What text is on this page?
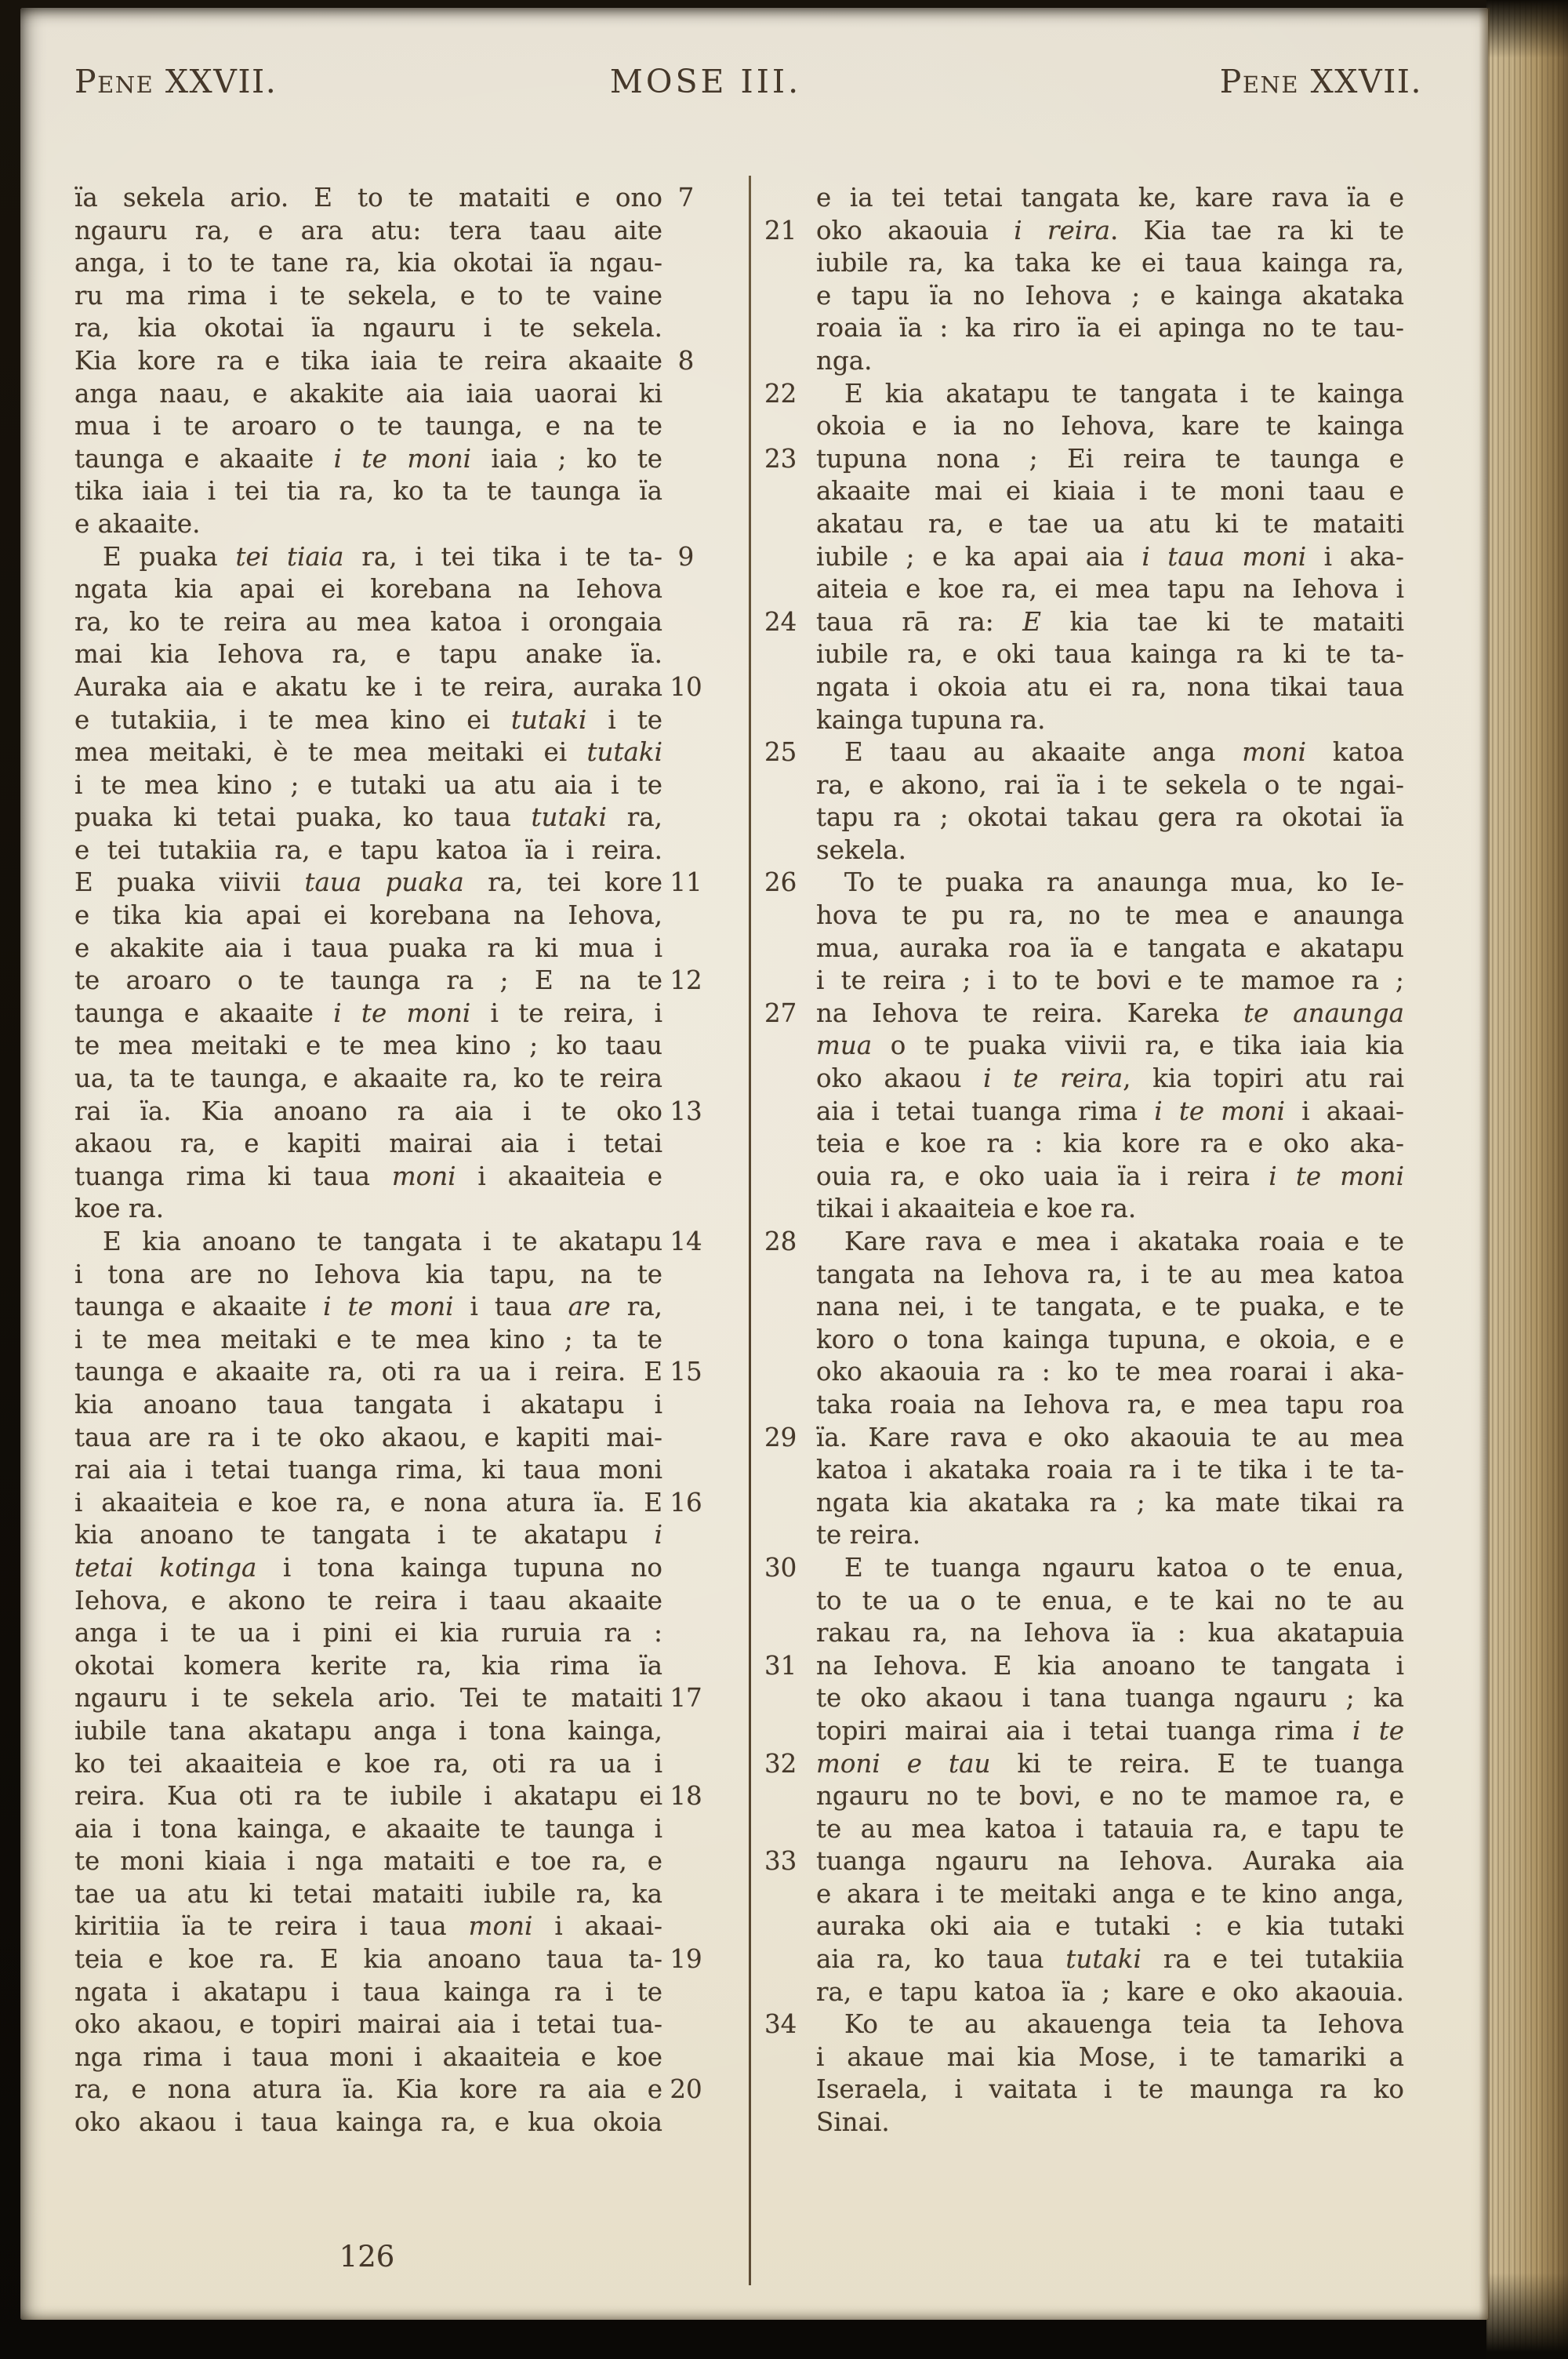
Pene XXVII.	MOSE III.	Pene XXVII.
ïa sekela ario. E to te mataiti e ono 7
ngauru ra, e ara atu: tera taau aite
anga, i to te tane ra, kia okotai ïa ngau-
ru ma rima i te sekela, e to te vaine
ra, kia okotai ïa ngauru i te sekela.
Kia kore ra e tika iaia te reira akaaite 8
anga naau, e akakite aia iaia uaorai ki
mua i te aroaro o te taunga, e na te
taunga e akaaite i te moni iaia ; ko te
tika iaia i tei tia ra, ko ta te taunga ïa
e akaaite.
E puaka tei tiaia ra, i tei tika i te ta- 9
ngata kia apai ei korebana na Iehova
ra, ko te reira au mea katoa i orongaia
mai kia Iehova ra, e tapu anake ïa.
Auraka aia e akatu ke i te reira, auraka 10
e tutakiia, i te mea kino ei tutaki i te
mea meitaki, è te mea meitaki ei tutaki
i te mea kino ; e tutaki ua atu aia i te
puaka ki tetai puaka, ko taua tutaki ra,
e tei tutakiia ra, e tapu katoa ïa i reira.
E puaka viivii taua puaka ra, tei kore 11
e tika kia apai ei korebana na Iehova,
e akakite aia i taua puaka ra ki mua i
te aroaro o te taunga ra ; E na te 12
taunga e akaaite i te moni i te reira, i
te mea meitaki e te mea kino ; ko taau
ua, ta te taunga, e akaaite ra, ko te reira
rai ïa. Kia anoano ra aia i te oko 13
akaou ra, e kapiti mairai aia i tetai
tuanga rima ki taua moni i akaaiteia e
koe ra.
E kia anoano te tangata i te akatapu 14
i tona are no Iehova kia tapu, na te
taunga e akaaite i te moni i taua are ra,
i te mea meitaki e te mea kino ; ta te
taunga e akaaite ra, oti ra ua i reira. E 15
kia anoano taua tangata i akatapu i
taua are ra i te oko akaou, e kapiti mai-
rai aia i tetai tuanga rima, ki taua moni
i akaaiteia e koe ra, e nona atura ïa. E 16
kia anoano te tangata i te akatapu i
tetai kotinga i tona kainga tupuna no
Iehova, e akono te reira i taau akaaite
anga i te ua i pini ei kia ruruia ra :
okotai komera kerite ra, kia rima ïa
ngauru i te sekela ario. Tei te mataiti 17
iubile tana akatapu anga i tona kainga,
ko tei akaaiteia e koe ra, oti ra ua i
reira. Kua oti ra te iubile i akatapu ei 18
aia i tona kainga, e akaaite te taunga i
te moni kiaia i nga mataiti e toe ra, e
tae ua atu ki tetai mataiti iubile ra, ka
kiritiia ïa te reira i taua moni i akaai-
teia e koe ra. E kia anoano taua ta- 19
ngata i akatapu i taua kainga ra i te
oko akaou, e topiri mairai aia i tetai tua-
nga rima i taua moni i akaaiteia e koe
ra, e nona atura ïa. Kia kore ra aia e 20
oko akaou i taua kainga ra, e kua okoia
e ia tei tetai tangata ke, kare rava ïa e
21 oko akaouia i reira. Kia tae ra ki te
iubile ra, ka taka ke ei taua kainga ra,
e tapu ïa no Iehova ; e kainga akataka
roaia ïa : ka riro ïa ei apinga no te tau-
nga.
22	E kia akatapu te tangata i te kainga
okoia e ia no Iehova, kare te kainga
23 tupuna nona ; Ei reira te taunga e
akaaite mai ei kiaia i te moni taau e
akatau ra, e tae ua atu ki te mataiti
iubile ; e ka apai aia i taua moni i aka-
aiteia e koe ra, ei mea tapu na Iehova i
24 taua rā ra: E kia tae ki te mataiti
iubile ra, e oki taua kainga ra ki te ta-
ngata i okoia atu ei ra, nona tikai taua
kainga tupuna ra.
25	E taau au akaaite anga moni katoa
ra, e akono, rai ïa i te sekela o te ngai-
tapu ra ; okotai takau gera ra okotai ïa
sekela.
26	To te puaka ra anaunga mua, ko Ie-
hova te pu ra, no te mea e anaunga
mua, auraka roa ïa e tangata e akatapu
i te reira ; i to te bovi e te mamoe ra ;
27 na Iehova te reira. Kareka te anaunga
mua o te puaka viivii ra, e tika iaia kia
oko akaou i te reira, kia topiri atu rai
aia i tetai tuanga rima i te moni i akaai-
teia e koe ra : kia kore ra e oko aka-
ouia ra, e oko uaia ïa i reira i te moni
tikai i akaaiteia e koe ra.
28	Kare rava e mea i akataka roaia e te
tangata na Iehova ra, i te au mea katoa
nana nei, i te tangata, e te puaka, e te
koro o tona kainga tupuna, e okoia, e e
oko akaouia ra : ko te mea roarai i aka-
taka roaia na Iehova ra, e mea tapu roa
29 ïa. Kare rava e oko akaouia te au mea
katoa i akataka roaia ra i te tika i te ta-
ngata kia akataka ra ; ka mate tikai ra
te reira.
30	E te tuanga ngauru katoa o te enua,
to te ua o te enua, e te kai no te au
rakau ra, na Iehova ïa : kua akatapuia
31 na Iehova. E kia anoano te tangata i
te oko akaou i tana tuanga ngauru ; ka
topiri mairai aia i tetai tuanga rima i te
32 moni e tau ki te reira. E te tuanga
ngauru no te bovi, e no te mamoe ra, e
te au mea katoa i tatauia ra, e tapu te
33 tuanga ngauru na Iehova. Auraka aia
e akara i te meitaki anga e te kino anga,
auraka oki aia e tutaki : e kia tutaki
aia ra, ko taua tutaki ra e tei tutakiia
ra, e tapu katoa ïa ; kare e oko akaouia.
34	Ko te au akauenga teia ta Iehova
i akaue mai kia Mose, i te tamariki a
Iseraela, i vaitata i te maunga ra ko
Sinai.
126
